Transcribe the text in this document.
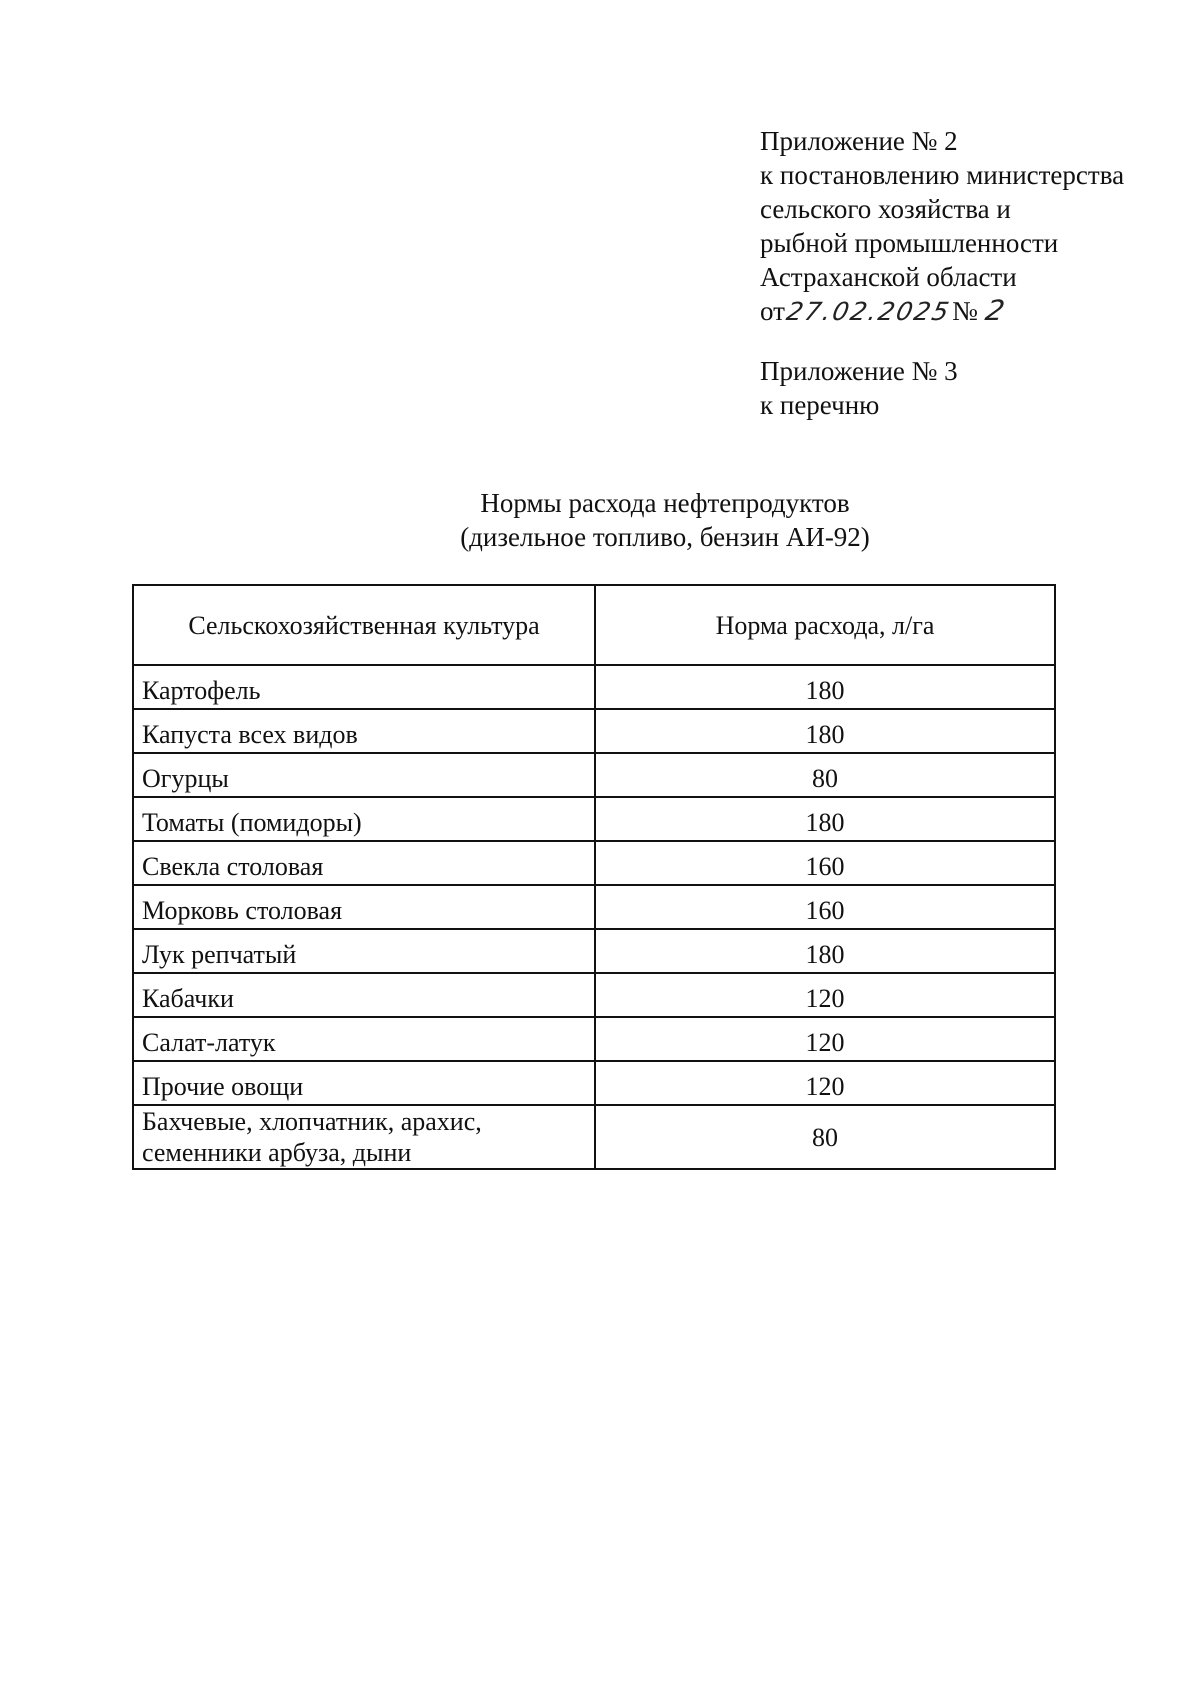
Приложение № 2
к постановлению министерства
сельского хозяйства и
рыбной промышленности
Астраханской области
от 27.02.2025
№ 2
Приложение № 3
к перечню
Нормы расхода нефтепродуктов
(дизельное топливо, бензин АИ-92)
Сельскохозяйственная культура	Норма расхода, л/га
Картофель	180
Капуста всех видов	180
Огурцы	80
Томаты (помидоры)	180
Свекла столовая	160
Морковь столовая	160
Лук репчатый	180
Кабачки	120
Салат-латук	120
Прочие овощи	120
Бахчевые, хлопчатник, арахис, семенники арбуза, дыни	80
